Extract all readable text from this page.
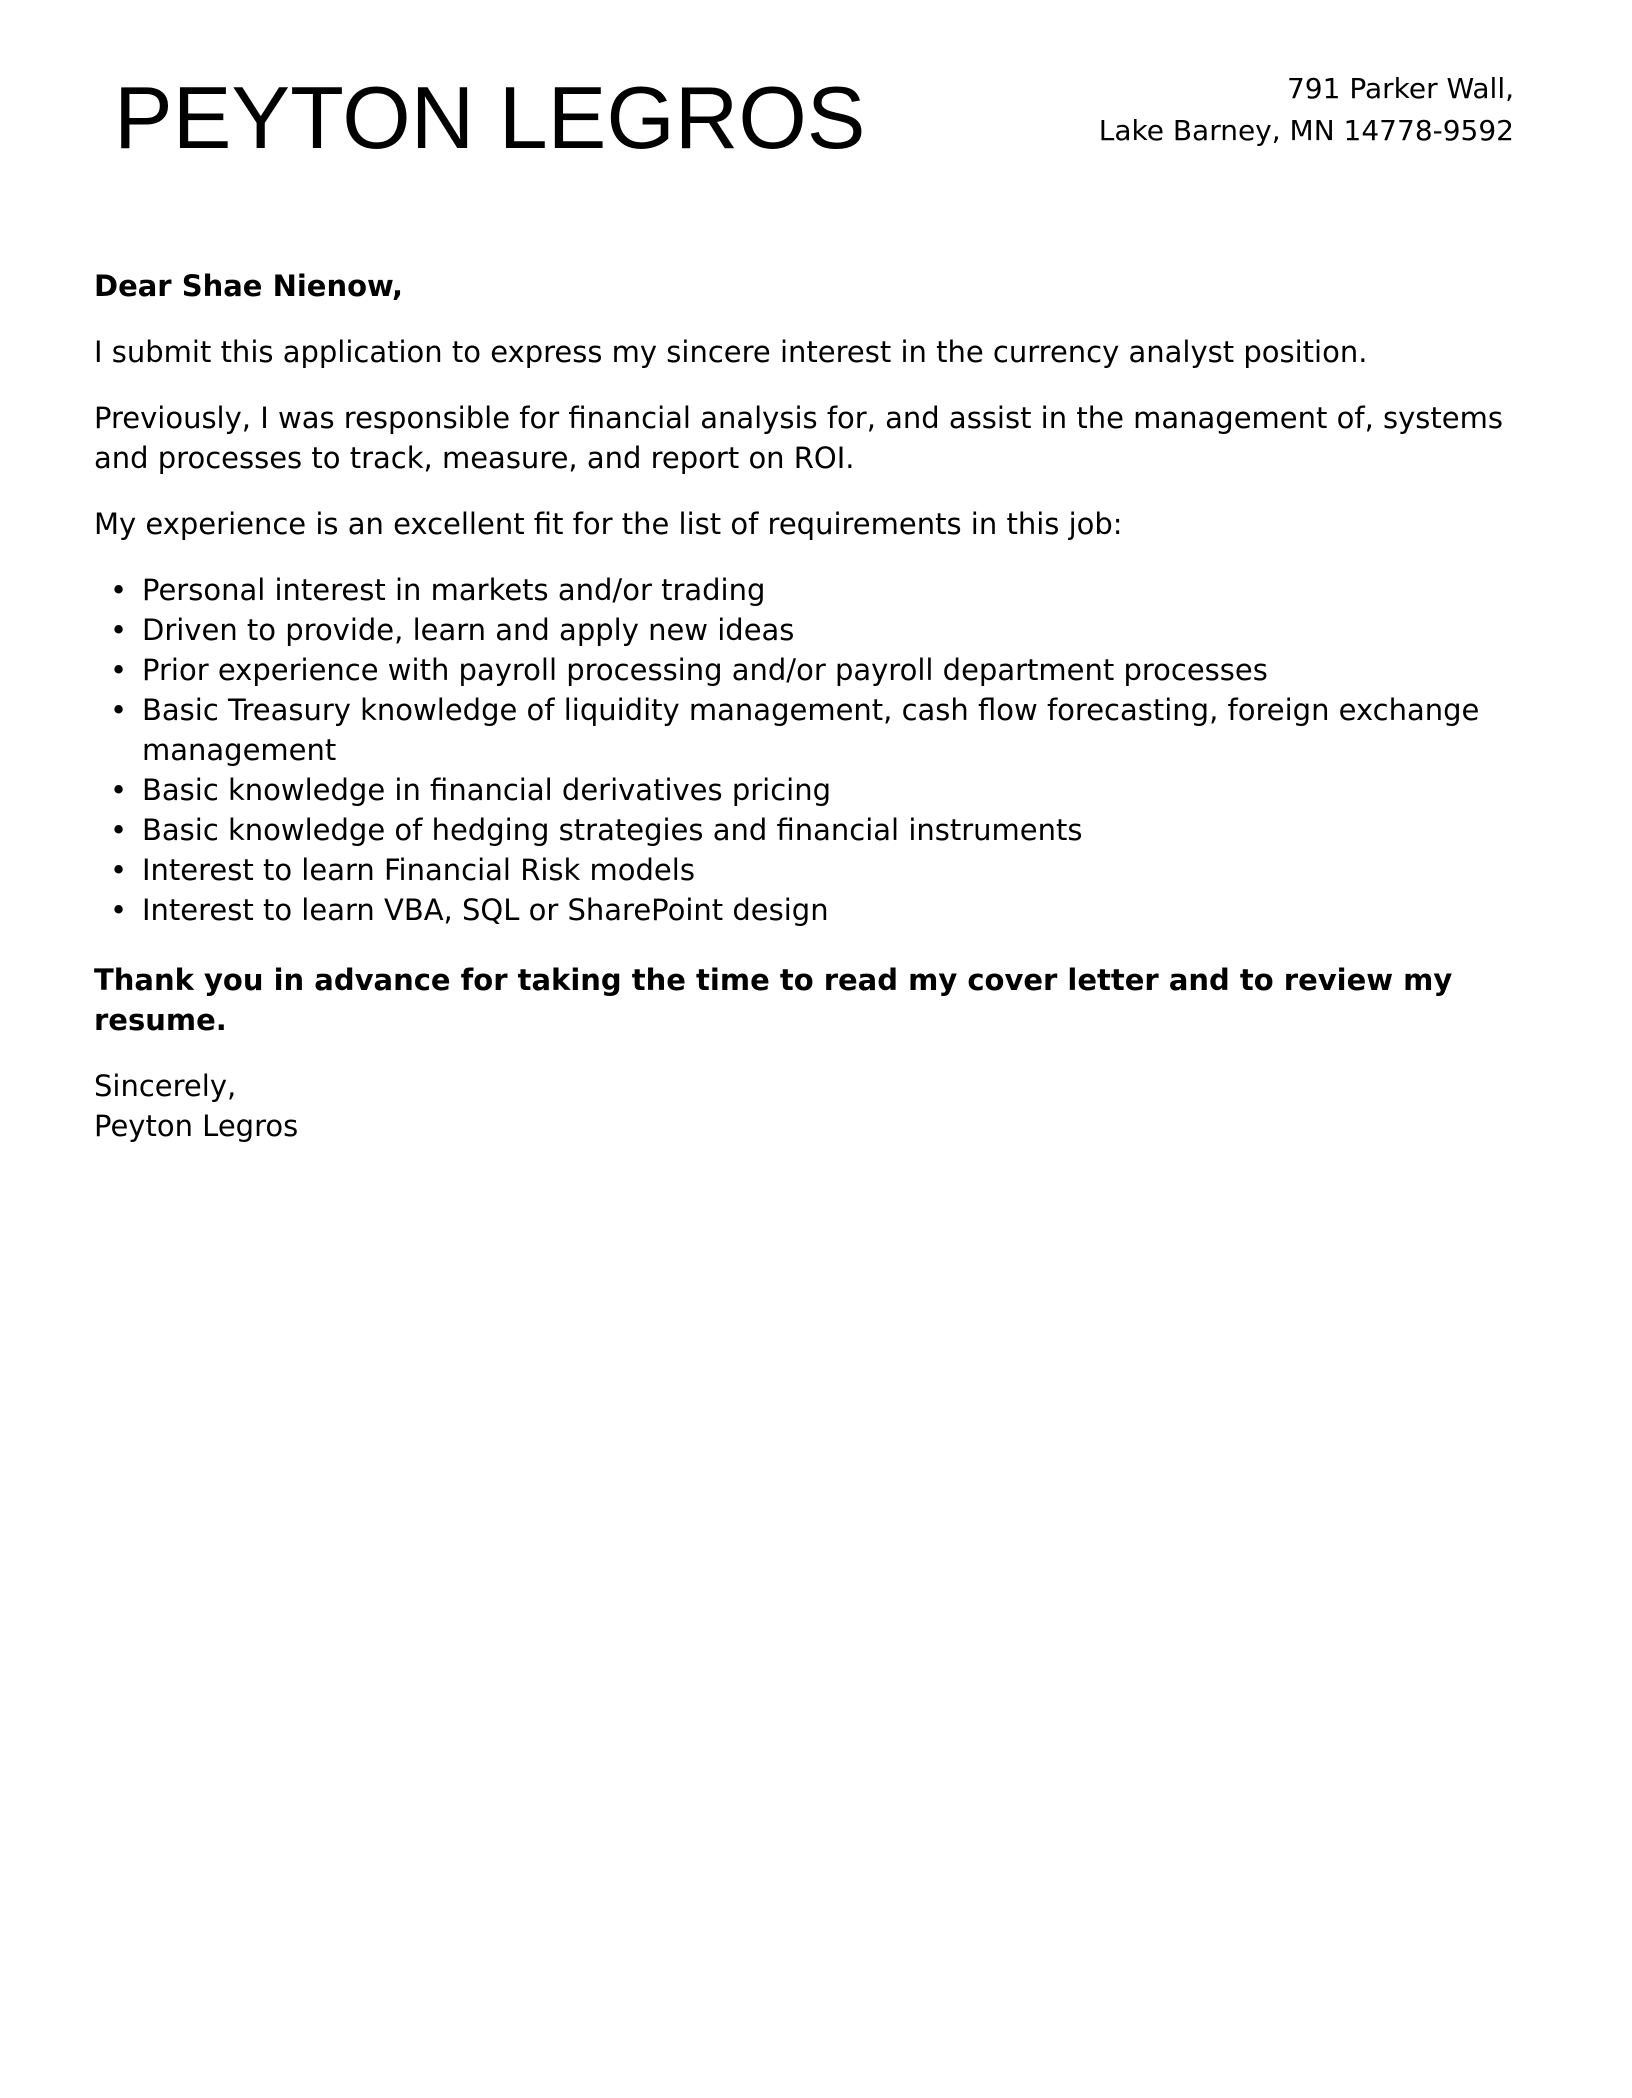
PEYTON LEGROS	791 Parker Wall,
Lake Barney, MN 14778-9592
Dear Shae Nienow,

I submit this application to express my sincere interest in the currency analyst position.

Previously, I was responsible for financial analysis for, and assist in the management of, systems and processes to track, measure, and report on ROI.

My experience is an excellent fit for the list of requirements in this job:

• Personal interest in markets and/or trading
• Driven to provide, learn and apply new ideas
• Prior experience with payroll processing and/or payroll department processes
• Basic Treasury knowledge of liquidity management, cash flow forecasting, foreign exchange management
• Basic knowledge in financial derivatives pricing
• Basic knowledge of hedging strategies and financial instruments
• Interest to learn Financial Risk models
• Interest to learn VBA, SQL or SharePoint design
Thank you in advance for taking the time to read my cover letter and to review my resume.
Sincerely,
Peyton Legros
